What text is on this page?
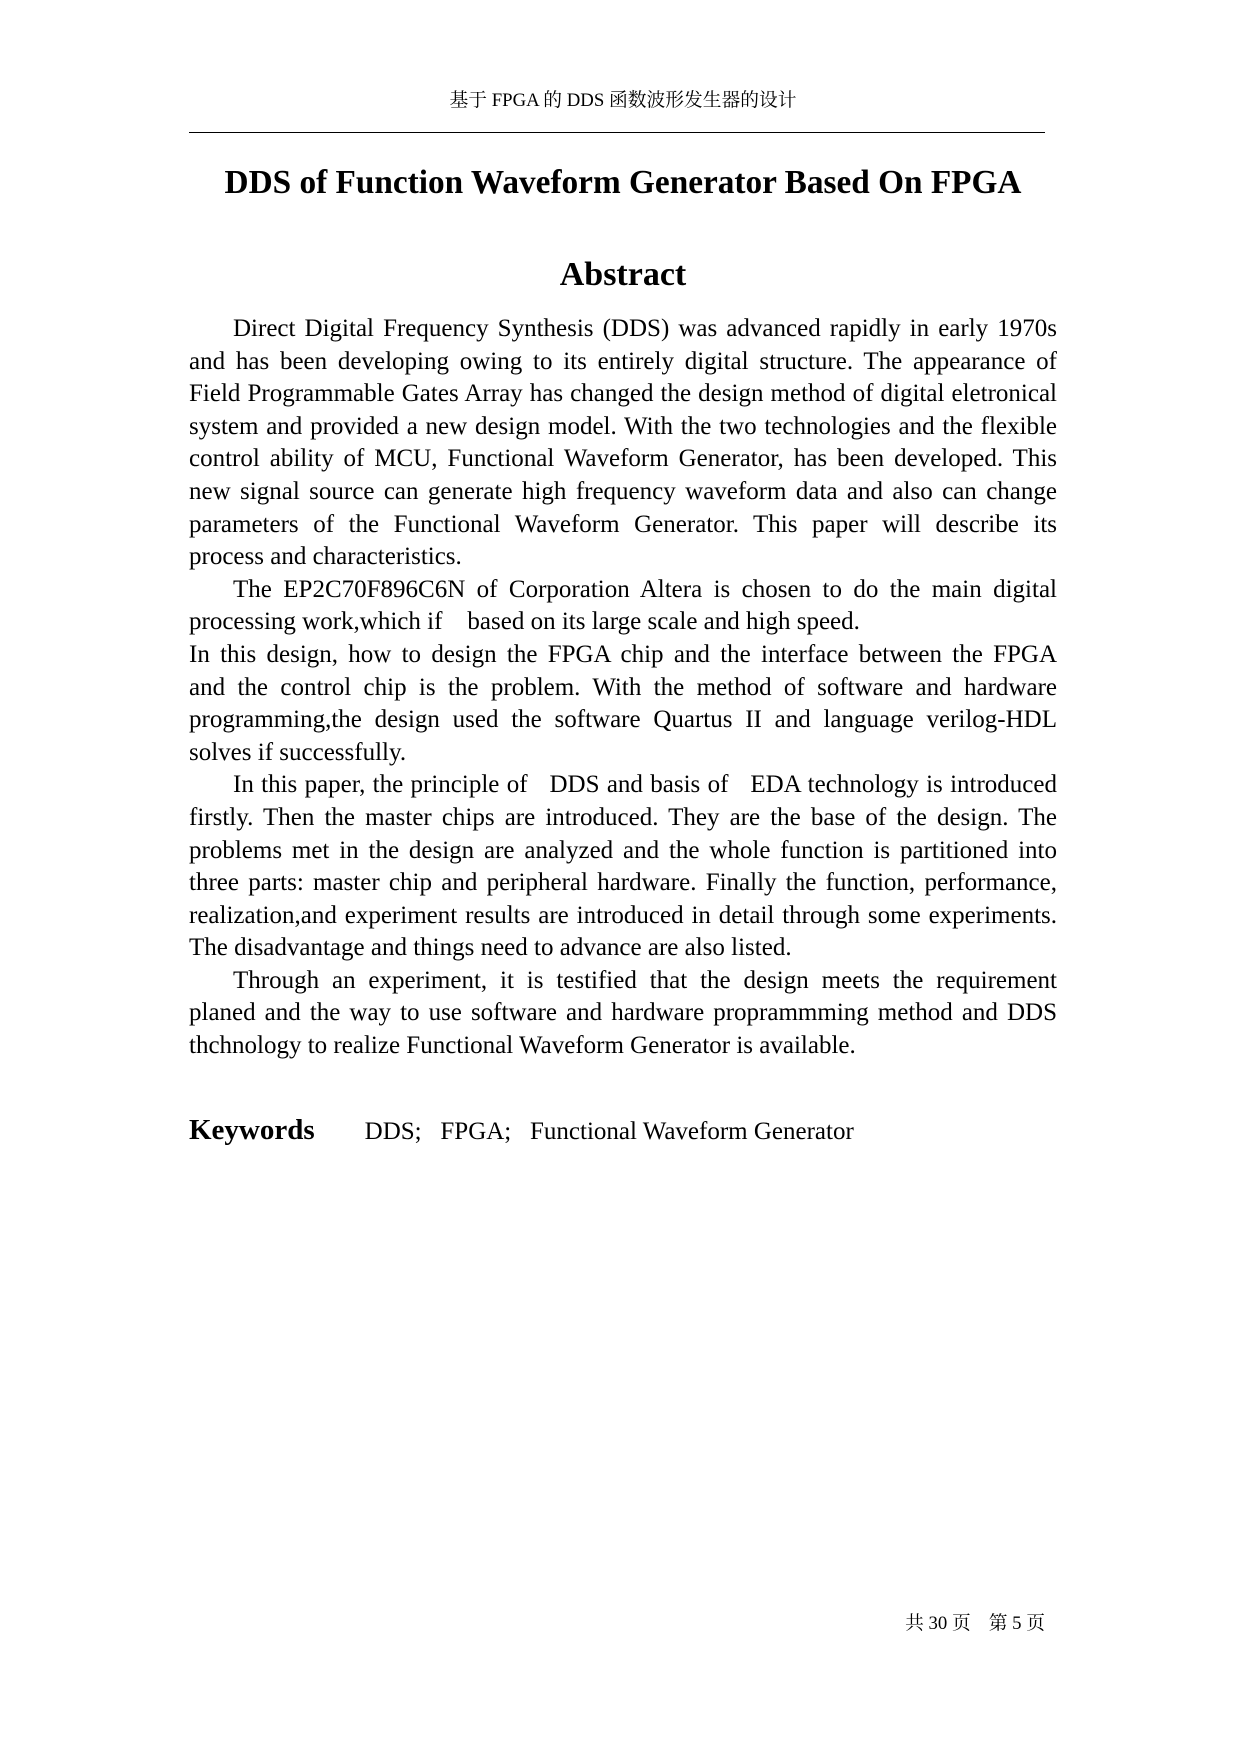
基于 FPGA 的 DDS 函数波形发生器的设计
DDS of Function Waveform Generator Based On FPGA
Abstract
Direct Digital Frequency Synthesis (DDS) was advanced rapidly in early 1970s
and has been developing owing to its entirely digital structure. The appearance of
Field Programmable Gates Array has changed the design method of digital eletronical
system and provided a new design model. With the two technologies and the flexible
control ability of MCU, Functional Waveform Generator, has been developed. This
new signal source can generate high frequency waveform data and also can change
parameters of the Functional Waveform Generator. This paper will describe its
process and characteristics.
The EP2C70F896C6N of Corporation Altera is chosen to do the main digital
processing work,which if    based on its large scale and high speed.
In this design, how to design the FPGA chip and the interface between the FPGA
and the control chip is the problem. With the method of software and hardware
programming,the design used the software Quartus II and language verilog-HDL
solves if successfully.
In this paper, the principle of   DDS and basis of   EDA technology is introduced
firstly. Then the master chips are introduced. They are the base of the design. The
problems met in the design are analyzed and the whole function is partitioned into
three parts: master chip and peripheral hardware. Finally the function, performance,
realization,and experiment results are introduced in detail through some experiments.
The disadvantage and things need to advance are also listed.
Through an experiment, it is testified that the design meets the requirement
planed and the way to use software and hardware proprammming method and DDS
thchnology to realize Functional Waveform Generator is available.
Keywords DDS;   FPGA;   Functional Waveform Generator
共 30 页 第 5 页
